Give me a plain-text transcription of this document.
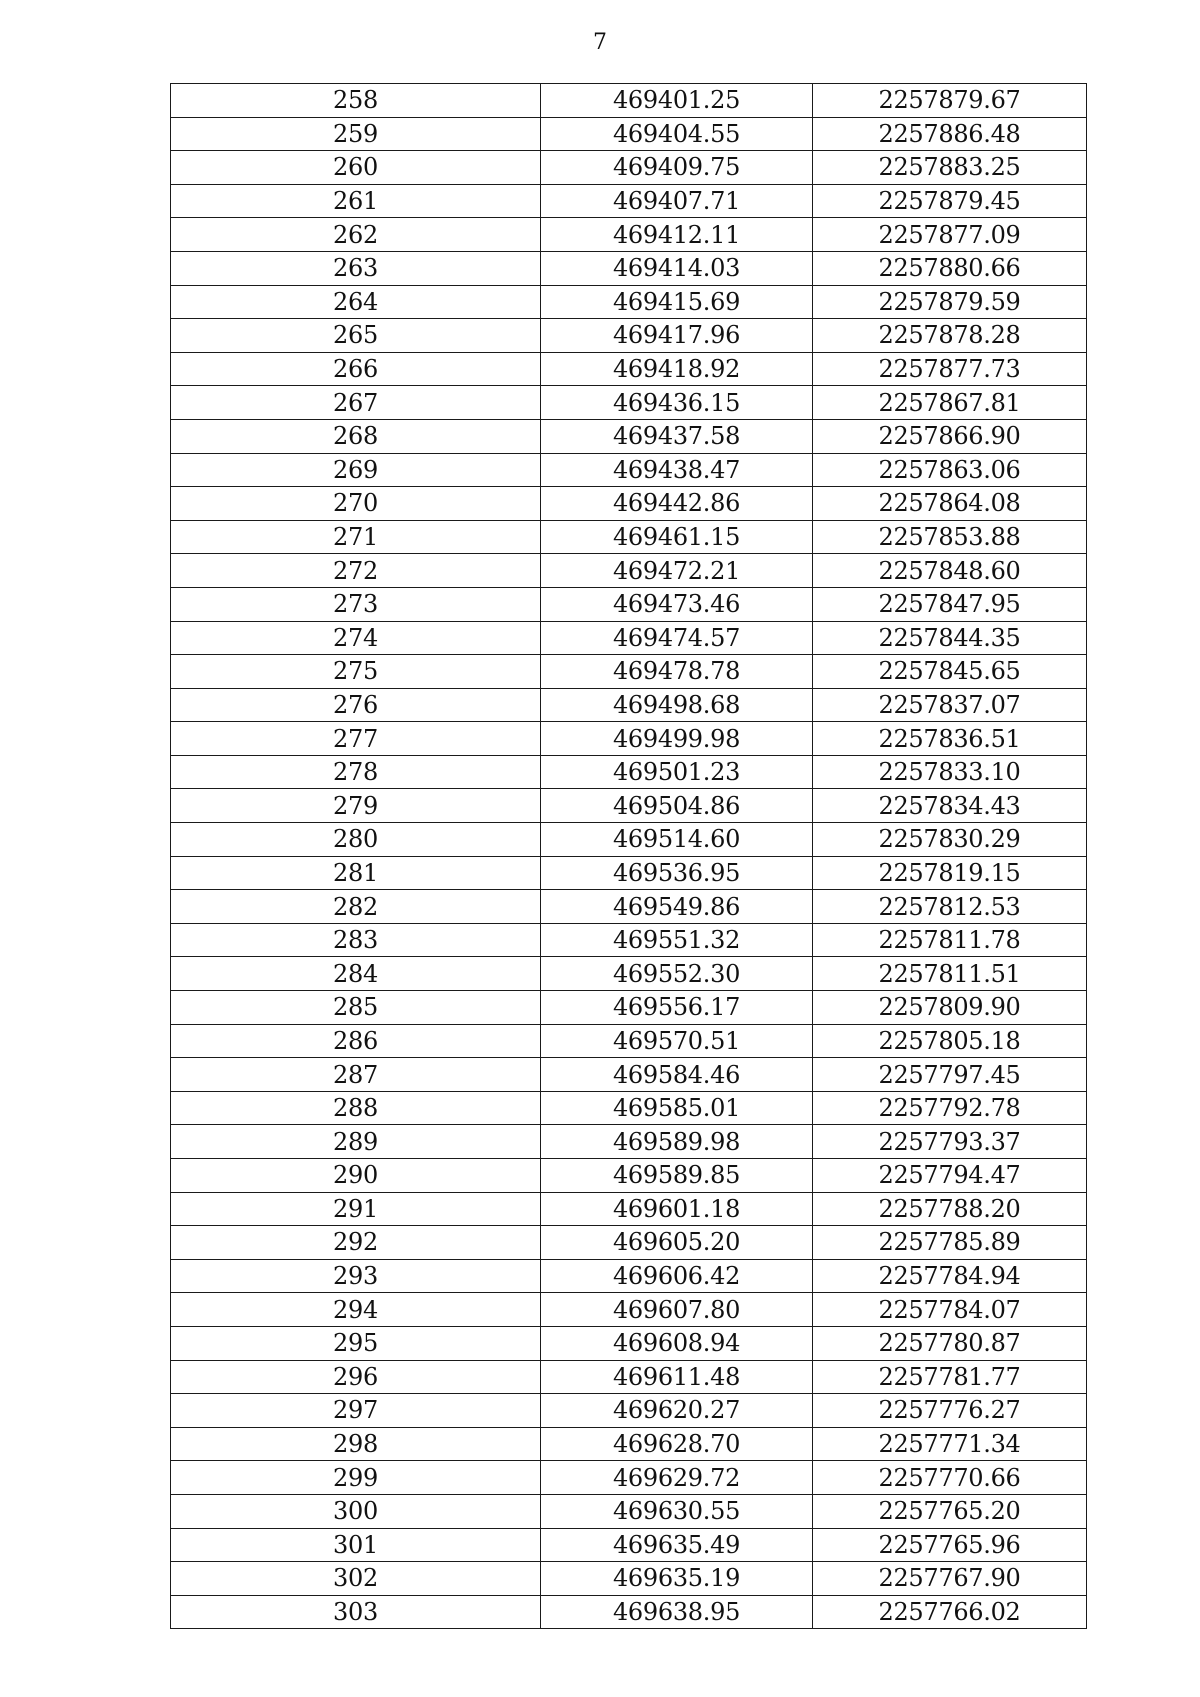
7
258	469401.25	2257879.67
259	469404.55	2257886.48
260	469409.75	2257883.25
261	469407.71	2257879.45
262	469412.11	2257877.09
263	469414.03	2257880.66
264	469415.69	2257879.59
265	469417.96	2257878.28
266	469418.92	2257877.73
267	469436.15	2257867.81
268	469437.58	2257866.90
269	469438.47	2257863.06
270	469442.86	2257864.08
271	469461.15	2257853.88
272	469472.21	2257848.60
273	469473.46	2257847.95
274	469474.57	2257844.35
275	469478.78	2257845.65
276	469498.68	2257837.07
277	469499.98	2257836.51
278	469501.23	2257833.10
279	469504.86	2257834.43
280	469514.60	2257830.29
281	469536.95	2257819.15
282	469549.86	2257812.53
283	469551.32	2257811.78
284	469552.30	2257811.51
285	469556.17	2257809.90
286	469570.51	2257805.18
287	469584.46	2257797.45
288	469585.01	2257792.78
289	469589.98	2257793.37
290	469589.85	2257794.47
291	469601.18	2257788.20
292	469605.20	2257785.89
293	469606.42	2257784.94
294	469607.80	2257784.07
295	469608.94	2257780.87
296	469611.48	2257781.77
297	469620.27	2257776.27
298	469628.70	2257771.34
299	469629.72	2257770.66
300	469630.55	2257765.20
301	469635.49	2257765.96
302	469635.19	2257767.90
303	469638.95	2257766.02
